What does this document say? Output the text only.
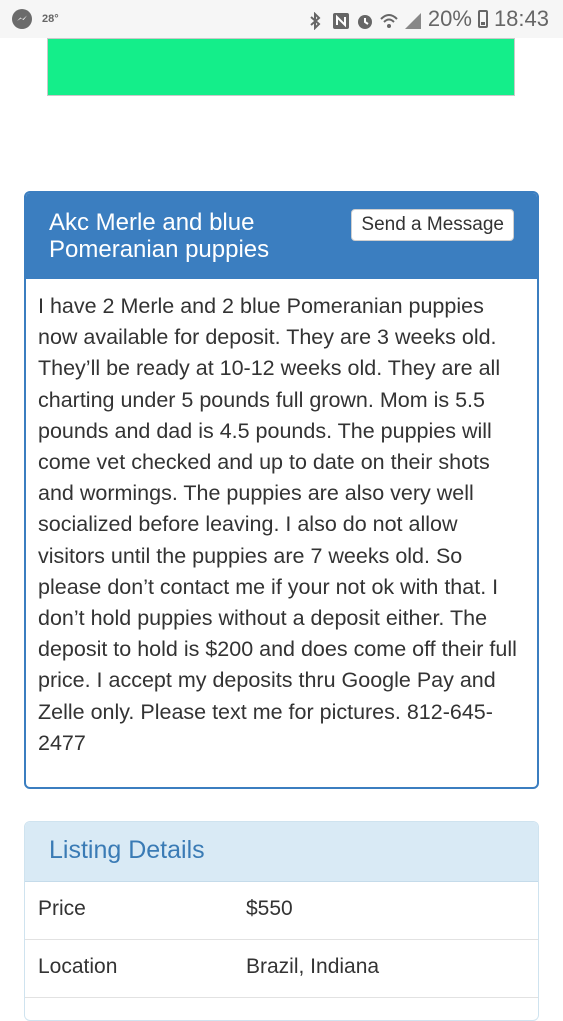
28°	20% 18:43
Akc Merle and blue Pomeranian puppies
Send a Message
I have 2 Merle and 2 blue Pomeranian puppies now available for deposit. They are 3 weeks old. They’ll be ready at 10-12 weeks old. They are all charting under 5 pounds full grown. Mom is 5.5 pounds and dad is 4.5 pounds. The puppies will come vet checked and up to date on their shots and wormings. The puppies are also very well socialized before leaving. I also do not allow visitors until the puppies are 7 weeks old. So please don’t contact me if your not ok with that. I don’t hold puppies without a deposit either. The deposit to hold is $200 and does come off their full price. I accept my deposits thru Google Pay and Zelle only. Please text me for pictures. 812-645-2477
Listing Details
Price	$550
Location	Brazil, Indiana
